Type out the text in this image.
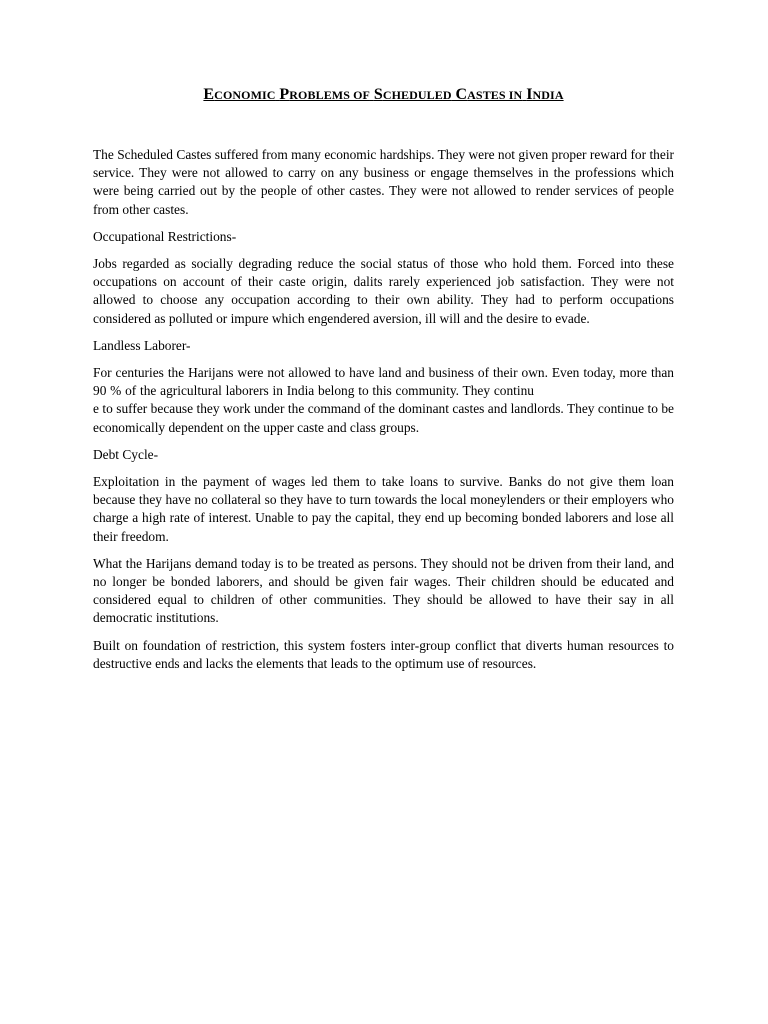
ECONOMIC PROBLEMS OF SCHEDULED CASTES IN INDIA

The Scheduled Castes suffered from many economic hardships. They were not given proper reward for their service. They were not allowed to carry on any business or engage themselves in the professions which were being carried out by the people of other castes. They were not allowed to render services of people from other castes.

Occupational Restrictions-

Jobs regarded as socially degrading reduce the social status of those who hold them. Forced into these occupations on account of their caste origin, dalits rarely experienced job satisfaction. They were not allowed to choose any occupation according to their own ability. They had to perform occupations considered as polluted or impure which engendered aversion, ill will and the desire to evade.

Landless Laborer-

For centuries the Harijans were not allowed to have land and business of their own. Even today, more than 90 % of the agricultural laborers in India belong to this community. They continue to suffer because they work under the command of the dominant castes and landlords. They continue to be economically dependent on the upper caste and class groups.

Debt Cycle-

Exploitation in the payment of wages led them to take loans to survive. Banks do not give them loan because they have no collateral so they have to turn towards the local moneylenders or their employers who charge a high rate of interest. Unable to pay the capital, they end up becoming bonded laborers and lose all their freedom.

What the Harijans demand today is to be treated as persons. They should not be driven from their land, and no longer be bonded laborers, and should be given fair wages. Their children should be educated and considered equal to children of other communities. They should be allowed to have their say in all democratic institutions.

Built on foundation of restriction, this system fosters inter-group conflict that diverts human resources to destructive ends and lacks the elements that leads to the optimum use of resources.
